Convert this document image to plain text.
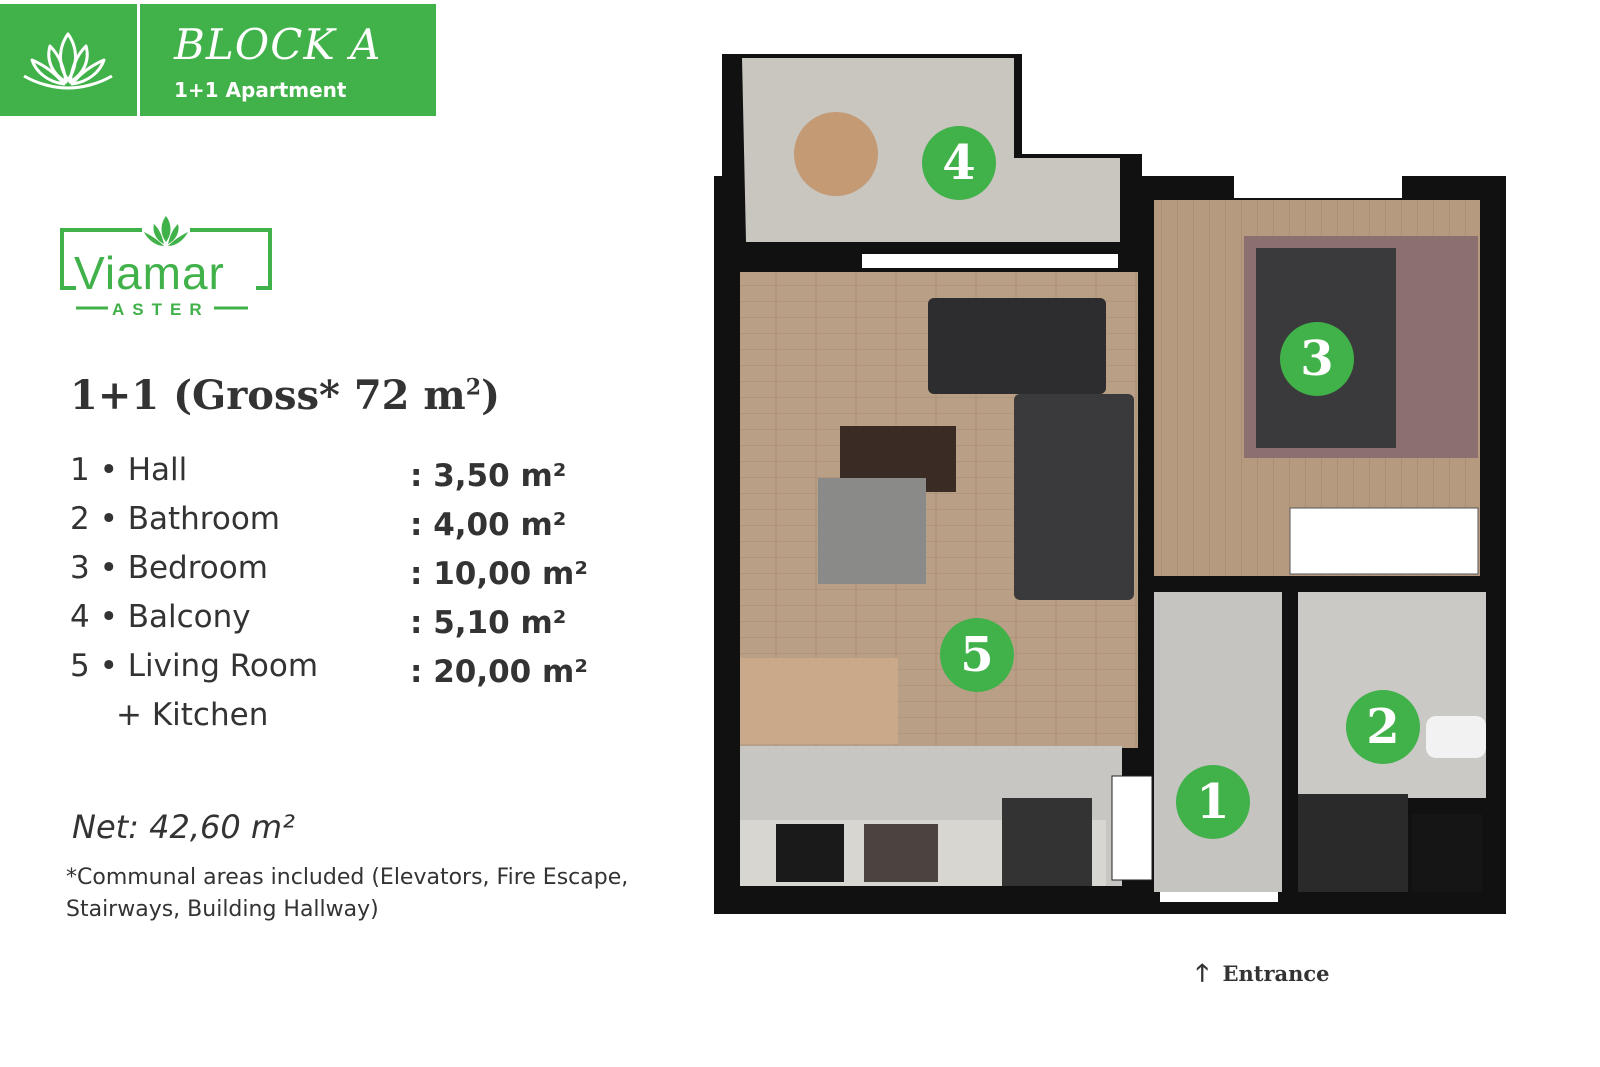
BLOCK A
1+1 Apartment
Viamar
ASTER
1+1 (Gross* 72 $m^2$)
1 • Hall	: 3,50 m²
2 • Bathroom	: 4,00 m²
3 • Bedroom	: 10,00 m²
4 • Balcony	: 5,10 m²
5 • Living Room	: 20,00 m²
+ Kitchen
Net: 42,60 m²
*Communal areas included (Elevators, Fire Escape, Stairways, Building Hallway)
1
2
3
4
5
🡑 Entrance
